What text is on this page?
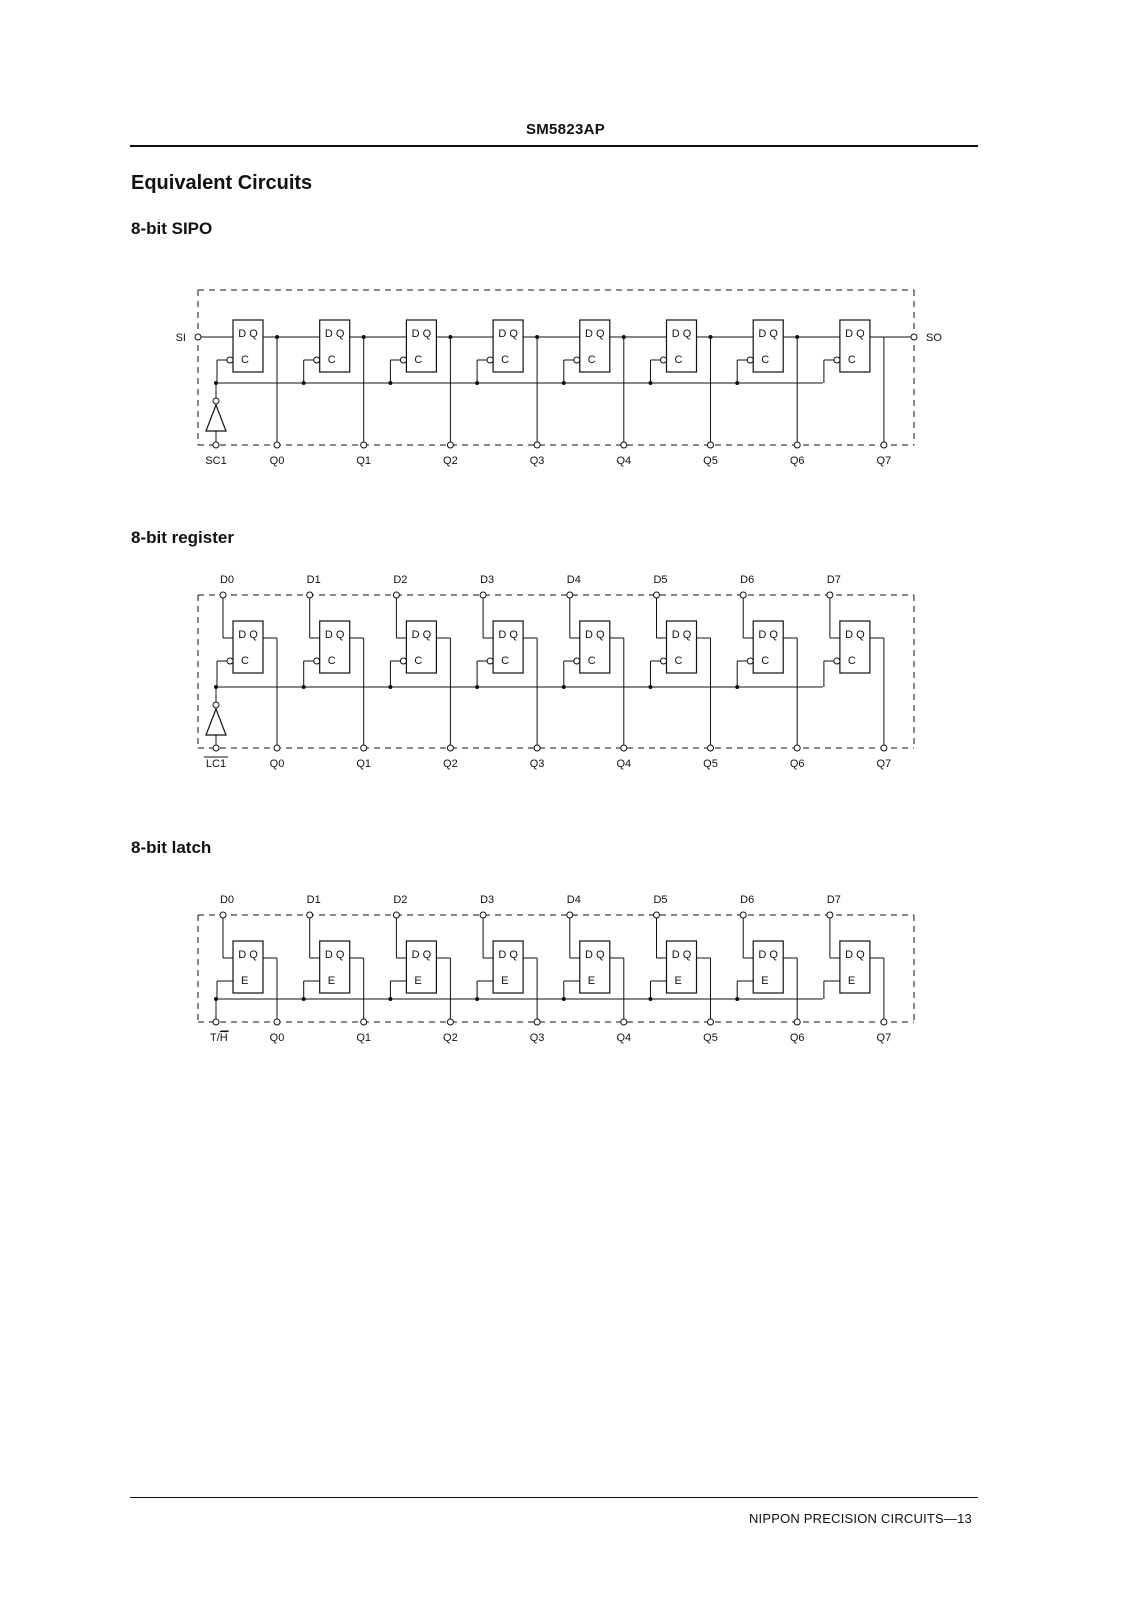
SM5823AP
Equivalent Circuits
8-bit SIPO
D Q
C
Q0
D Q
C
Q1
D Q
C
Q2
D Q
C
Q3
D Q
C
Q4
D Q
C
Q5
D Q
C
Q6
D Q
C
Q7
SI	SO
SC1
8-bit register
D Q
C
Q0
D0
D Q
C
Q1
D1
D Q
C
Q2
D2
D Q
C
Q3
D3
D Q
C
Q4
D4
D Q
C
Q5
D5
D Q
C
Q6
D6
D Q
C
Q7
D7
LC1
8-bit latch
D Q
E
Q0
D0
D Q
E
Q1
D1
D Q
E
Q2
D2
D Q
E
Q3
D3
D Q
E
Q4
D4
D Q
E
Q5
D5
D Q
E
Q6
D6
D Q
E
Q7
D7
T/H
NIPPON PRECISION CIRCUITS—13
